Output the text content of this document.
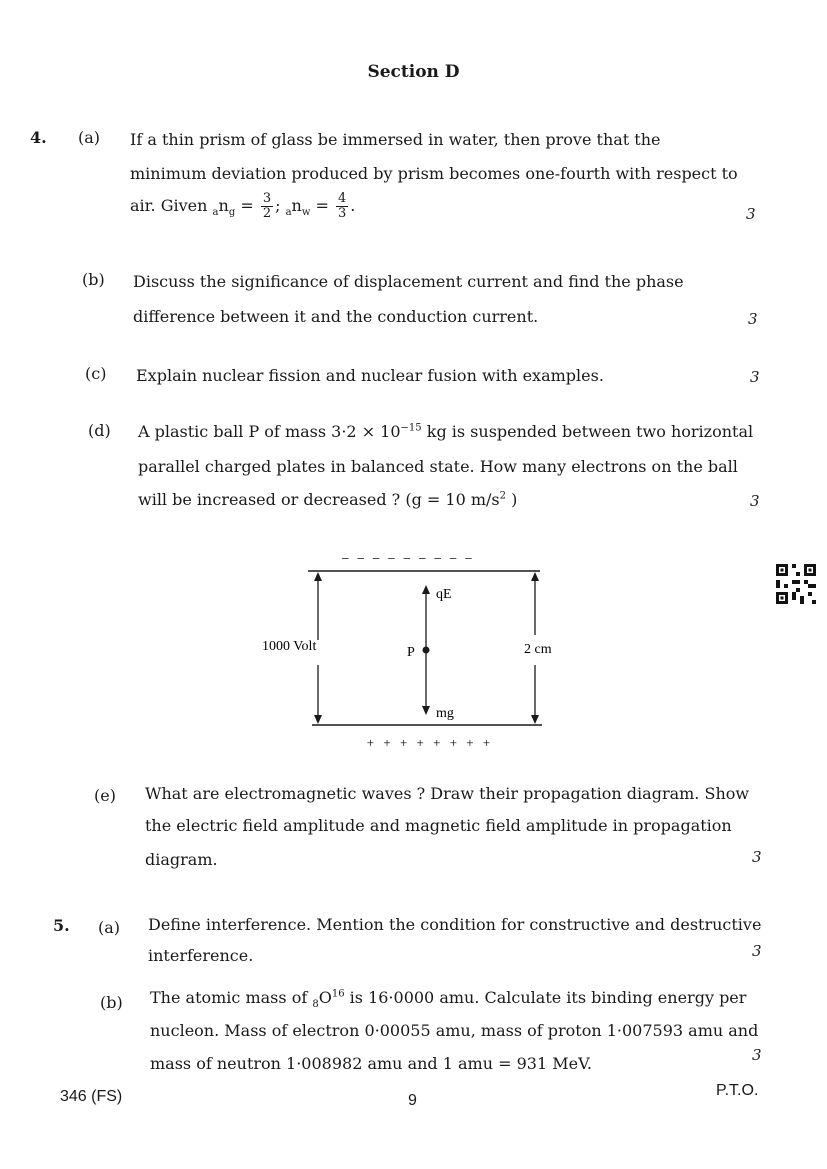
Section D
4. (a) If a thin prism of glass be immersed in water, then prove that the
minimum deviation produced by prism becomes one-fourth with respect to
air. Given $_an_g = \frac{3}{2}$ ; $_an_w = \frac{4}{3}$ .	3
(b) Discuss the significance of displacement current and find the phase
difference between it and the conduction current.	3
(c) Explain nuclear fission and nuclear fusion with examples.	3
(d) A plastic ball P of mass $3\cdot 2 \times 10^{-15}$ kg is suspended between two horizontal
parallel charged plates in balanced state. How many electrons on the ball
will be increased or decreased ? (g = 10 $m/s^2$ )	3
− − − − − − − − −
qE
1000 Volt	P	2 cm
mg
+ + + + + + + +
(e) What are electromagnetic waves ? Draw their propagation diagram. Show
the electric field amplitude and magnetic field amplitude in propagation
diagram.	3
5. (a) Define interference. Mention the condition for constructive and destructive
interference.	3
(b) The atomic mass of $_8O^{16}$ is 16·0000 amu. Calculate its binding energy per
nucleon. Mass of electron 0·00055 amu, mass of proton 1·007593 amu and
mass of neutron 1·008982 amu and 1 amu = 931 MeV.	3
346 (FS)	9
P.T.O.
